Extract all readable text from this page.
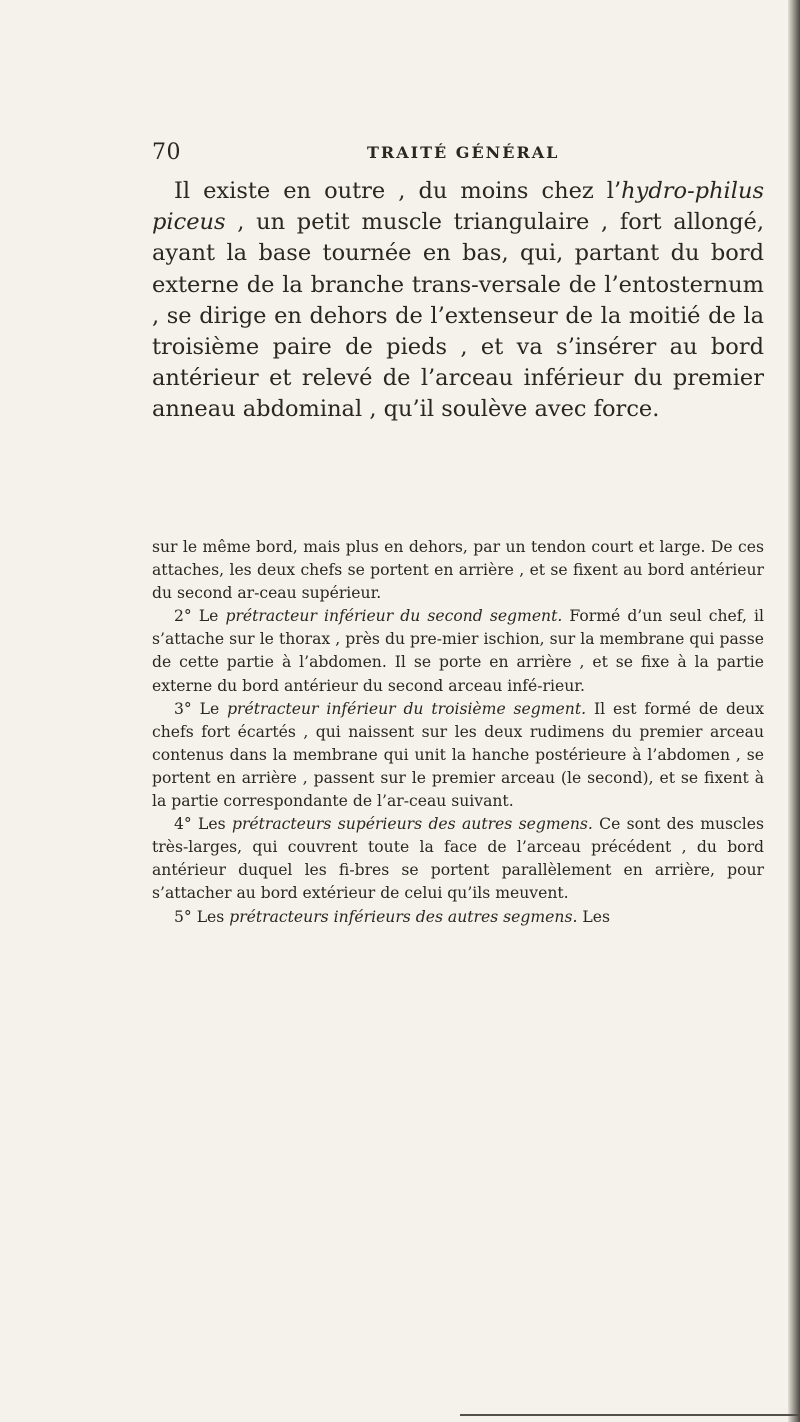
70	TRAITÉ GÉNÉRAL

Il existe en outre , du moins chez l’hydro-philus piceus , un petit muscle triangulaire , fort allongé, ayant la base tournée en bas, qui, partant du bord externe de la branche trans-versale de l’entosternum , se dirige en dehors de l’extenseur de la moitié de la troisième paire de pieds , et va s’insérer au bord antérieur et relevé de l’arceau inférieur du premier anneau abdominal , qu’il soulève avec force.

sur le même bord, mais plus en dehors, par un tendon court et large. De ces attaches, les deux chefs se portent en arrière , et se fixent au bord antérieur du second ar-ceau supérieur.

2° Le prétracteur inférieur du second segment. Formé d’un seul chef, il s’attache sur le thorax , près du pre-mier ischion, sur la membrane qui passe de cette partie à l’abdomen. Il se porte en arrière , et se fixe à la partie externe du bord antérieur du second arceau infé-rieur.

3° Le prétracteur inférieur du troisième segment. Il est formé de deux chefs fort écartés , qui naissent sur les deux rudimens du premier arceau contenus dans la membrane qui unit la hanche postérieure à l’abdomen , se portent en arrière , passent sur le premier arceau (le second), et se fixent à la partie correspondante de l’ar-ceau suivant.

4° Les prétracteurs supérieurs des autres segmens. Ce sont des muscles très-larges, qui couvrent toute la face de l’arceau précédent , du bord antérieur duquel les fi-bres se portent parallèlement en arrière, pour s’attacher au bord extérieur de celui qu’ils meuvent.

5° Les prétracteurs inférieurs des autres segmens. Les
